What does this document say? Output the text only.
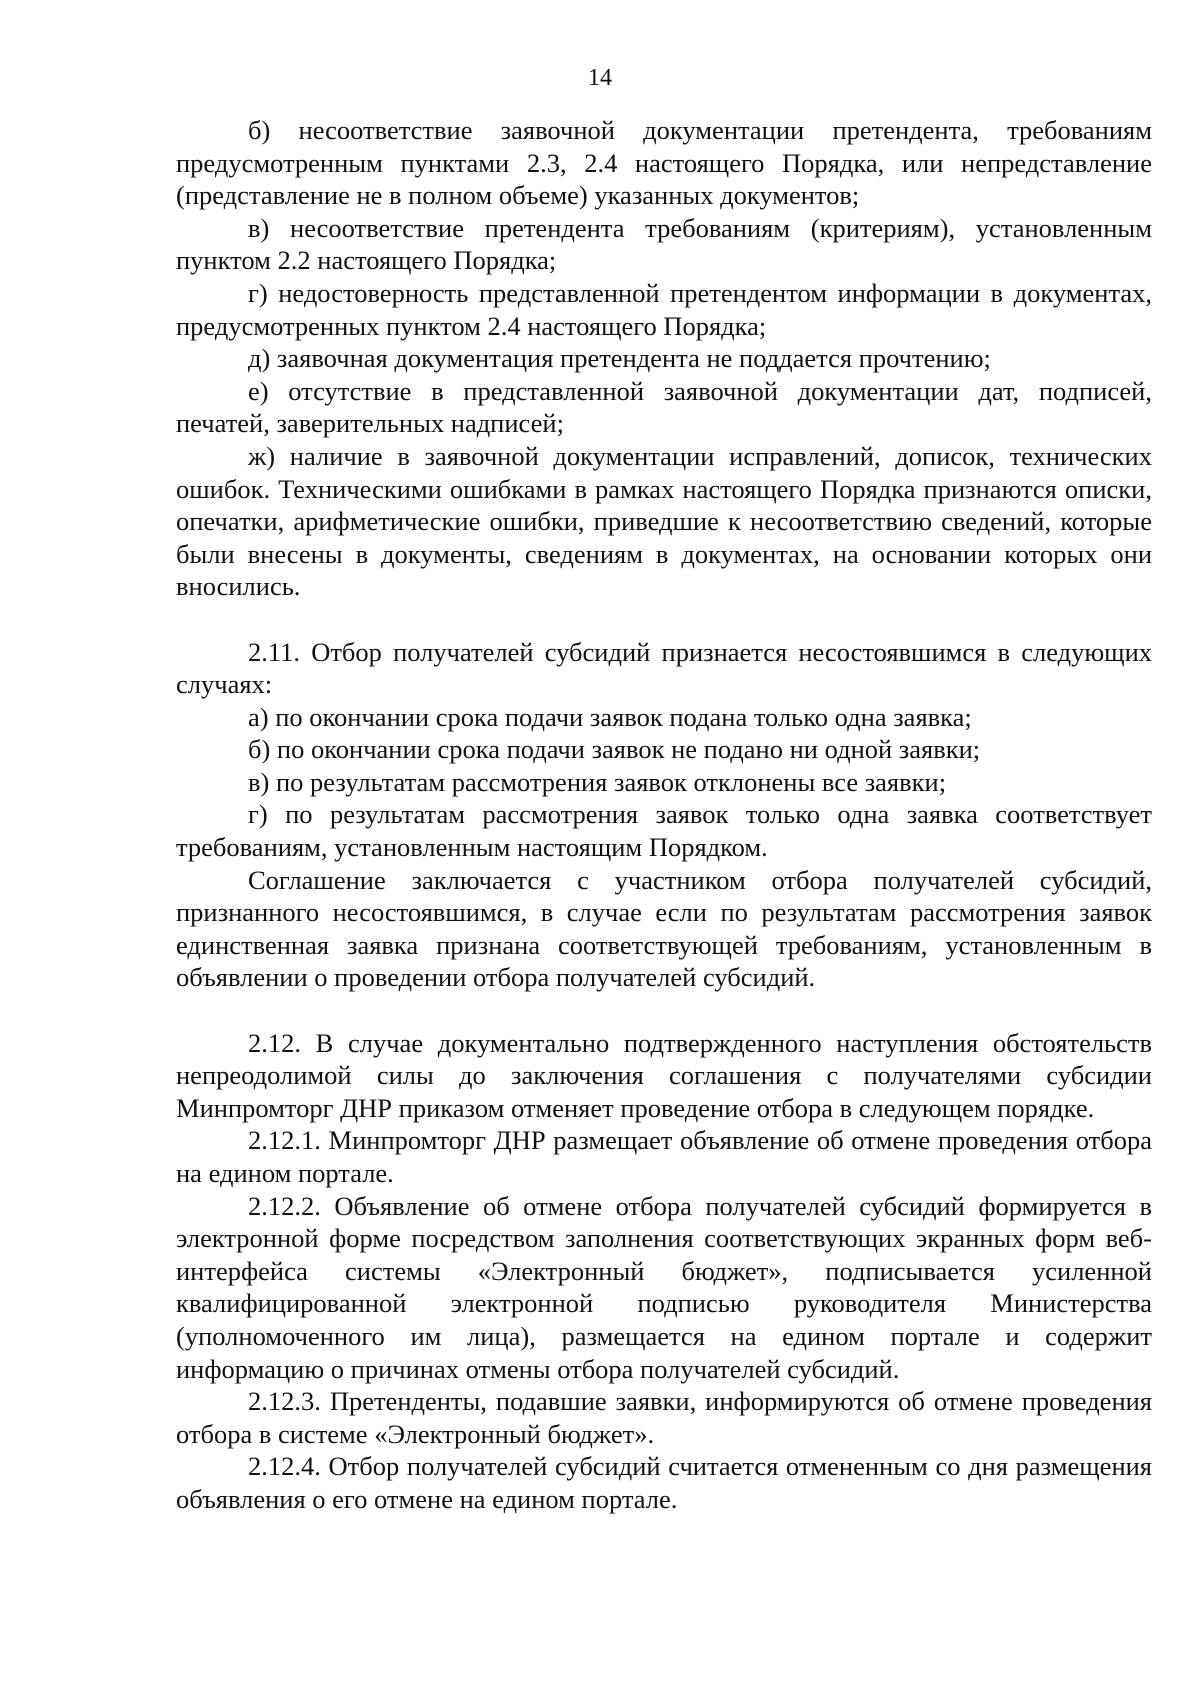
14

б) несоответствие заявочной документации претендента, требованиям предусмотренным пунктами 2.3, 2.4 настоящего Порядка, или непредставление (представление не в полном объеме) указанных документов;

в) несоответствие претендента требованиям (критериям), установленным пунктом 2.2 настоящего Порядка;

г) недостоверность представленной претендентом информации в документах, предусмотренных пунктом 2.4 настоящего Порядка;

д) заявочная документация претендента не поддается прочтению;

е) отсутствие в представленной заявочной документации дат, подписей, печатей, заверительных надписей;

ж) наличие в заявочной документации исправлений, дописок, технических ошибок. Техническими ошибками в рамках настоящего Порядка признаются описки, опечатки, арифметические ошибки, приведшие к несоответствию сведений, которые были внесены в документы, сведениям в документах, на основании которых они вносились.

2.11. Отбор получателей субсидий признается несостоявшимся в следующих случаях:

а) по окончании срока подачи заявок подана только одна заявка;

б) по окончании срока подачи заявок не подано ни одной заявки;

в) по результатам рассмотрения заявок отклонены все заявки;

г) по результатам рассмотрения заявок только одна заявка соответствует требованиям, установленным настоящим Порядком.

Соглашение заключается с участником отбора получателей субсидий, признанного несостоявшимся, в случае если по результатам рассмотрения заявок единственная заявка признана соответствующей требованиям, установленным в объявлении о проведении отбора получателей субсидий.

2.12. В случае документально подтвержденного наступления обстоятельств непреодолимой силы до заключения соглашения с получателями субсидии Минпромторг ДНР приказом отменяет проведение отбора в следующем порядке.

2.12.1. Минпромторг ДНР размещает объявление об отмене проведения отбора на едином портале.

2.12.2. Объявление об отмене отбора получателей субсидий формируется в электронной форме посредством заполнения соответствующих экранных форм веб-интерфейса системы «Электронный бюджет», подписывается усиленной квалифицированной электронной подписью руководителя Министерства (уполномоченного им лица), размещается на едином портале и содержит информацию о причинах отмены отбора получателей субсидий.

2.12.3. Претенденты, подавшие заявки, информируются об отмене проведения отбора в системе «Электронный бюджет».

2.12.4. Отбор получателей субсидий считается отмененным со дня размещения объявления о его отмене на едином портале.
